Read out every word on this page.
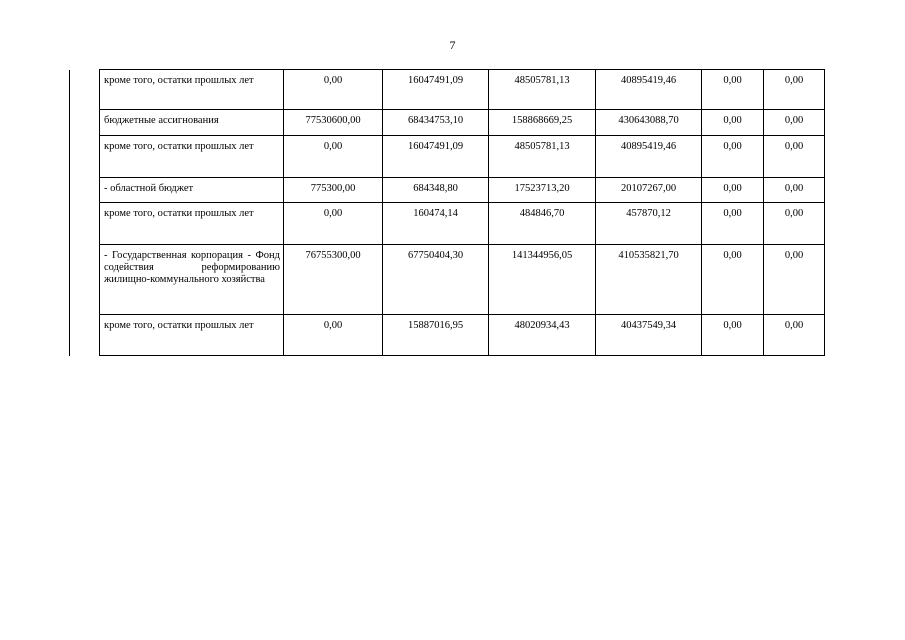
7
	кроме того, остатки прошлых лет	0,00	16047491,09	48505781,13	40895419,46	0,00	0,00
	бюджетные ассигнования	77530600,00	68434753,10	158868669,25	430643088,70	0,00	0,00
	кроме того, остатки прошлых лет	0,00	16047491,09	48505781,13	40895419,46	0,00	0,00
	- областной бюджет	775300,00	684348,80	17523713,20	20107267,00	0,00	0,00
	кроме того, остатки прошлых лет	0,00	160474,14	484846,70	457870,12	0,00	0,00
	- Государственная корпорация - Фонд содействия реформированию жилищно-коммунального хозяйства	76755300,00	67750404,30	141344956,05	410535821,70	0,00	0,00
	кроме того, остатки прошлых лет	0,00	15887016,95	48020934,43	40437549,34	0,00	0,00
